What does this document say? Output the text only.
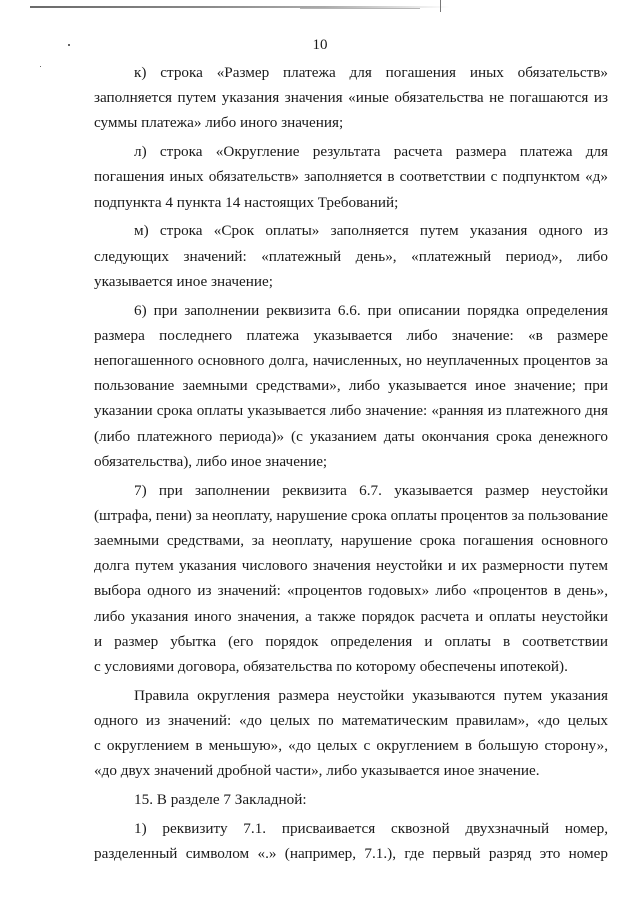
10
к) строка «Размер платежа для погашения иных обязательств»
заполняется путем указания значения «иные обязательства не погашаются из
суммы платежа» либо иного значения;
л) строка «Округление результата расчета размера платежа для
погашения иных обязательств» заполняется в соответствии с подпунктом «д»
подпункта 4 пункта 14 настоящих Требований;
м) строка «Срок оплаты» заполняется путем указания одного из
следующих значений: «платежный день», «платежный период», либо
указывается иное значение;
6) при заполнении реквизита 6.6. при описании порядка определения
размера последнего платежа указывается либо значение: «в размере
непогашенного основного долга, начисленных, но неуплаченных процентов за
пользование заемными средствами», либо указывается иное значение; при
указании срока оплаты указывается либо значение: «ранняя из платежного дня
(либо платежного периода)» (с указанием даты окончания срока денежного
обязательства), либо иное значение;
7) при заполнении реквизита 6.7. указывается размер неустойки
(штрафа, пени) за неоплату, нарушение срока оплаты процентов за пользование
заемными средствами, за неоплату, нарушение срока погашения основного
долга путем указания числового значения неустойки и их размерности путем
выбора одного из значений: «процентов годовых» либо «процентов в день»,
либо указания иного значения, а также порядок расчета и оплаты неустойки
и размер убытка (его порядок определения и оплаты в соответствии
с условиями договора, обязательства по которому обеспечены ипотекой).
Правила округления размера неустойки указываются путем указания
одного из значений: «до целых по математическим правилам», «до целых
с округлением в меньшую», «до целых с округлением в большую сторону»,
«до двух значений дробной части», либо указывается иное значение.
15. В разделе 7 Закладной:
1) реквизиту 7.1. присваивается сквозной двухзначный номер,
разделенный символом «.» (например, 7.1.), где первый разряд это номер
